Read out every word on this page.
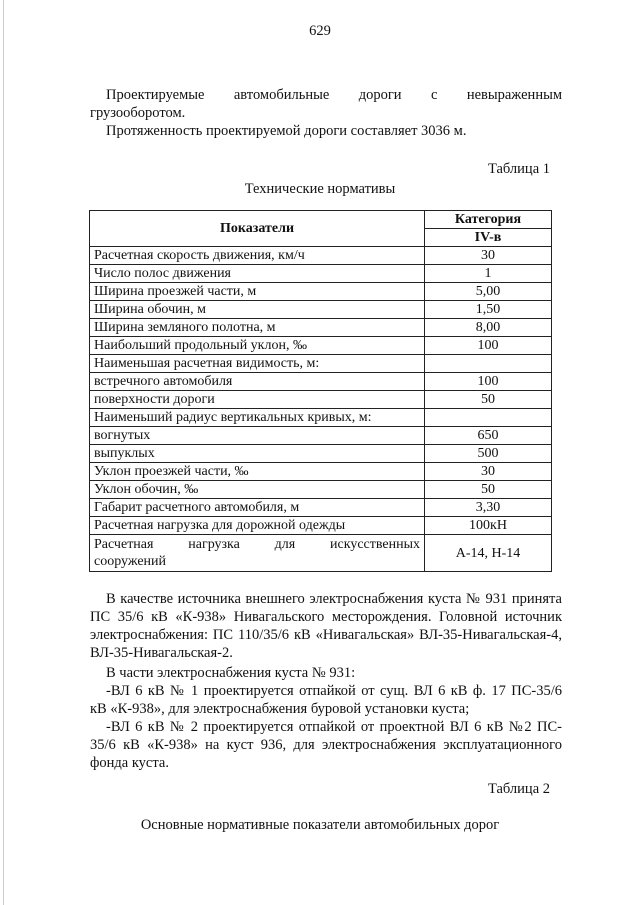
629
Проектируемые автомобильные дороги с невыраженным
грузооборотом.
Протяженность проектируемой дороги составляет 3036 м.
Таблица 1
Технические нормативы
Показатели	Категория
	IV-в
Расчетная скорость движения, км/ч	30
Число полос движения	1
Ширина проезжей части, м	5,00
Ширина обочин, м	1,50
Ширина земляного полотна, м	8,00
Наибольший продольный уклон, ‰	100
Наименьшая расчетная видимость, м:	
встречного автомобиля	100
поверхности дороги	50
Наименьший радиус вертикальных кривых, м:	
вогнутых	650
выпуклых	500
Уклон проезжей части, ‰	30
Уклон обочин, ‰	50
Габарит расчетного автомобиля, м	3,30
Расчетная нагрузка для дорожной одежды	100кН

Расчетная нагрузка для искусственных
сооружений	А-14, Н-14
В качестве источника внешнего электроснабжения куста № 931 принята
ПС 35/6 кВ «К-938» Нивагальского месторождения. Головной источник
электроснабжения: ПС 110/35/6 кВ «Нивагальская» ВЛ-35-Нивагальская-4,
ВЛ-35-Нивагальская-2.
В части электроснабжения куста № 931:
-ВЛ 6 кВ № 1 проектируется отпайкой от сущ. ВЛ 6 кВ ф. 17 ПС-35/6
кВ «К-938», для электроснабжения буровой установки куста;
-ВЛ 6 кВ № 2 проектируется отпайкой от проектной ВЛ 6 кВ №2 ПС-
35/6 кВ «К-938» на куст 936, для электроснабжения эксплуатационного
фонда куста.
Таблица 2
Основные нормативные показатели автомобильных дорог
